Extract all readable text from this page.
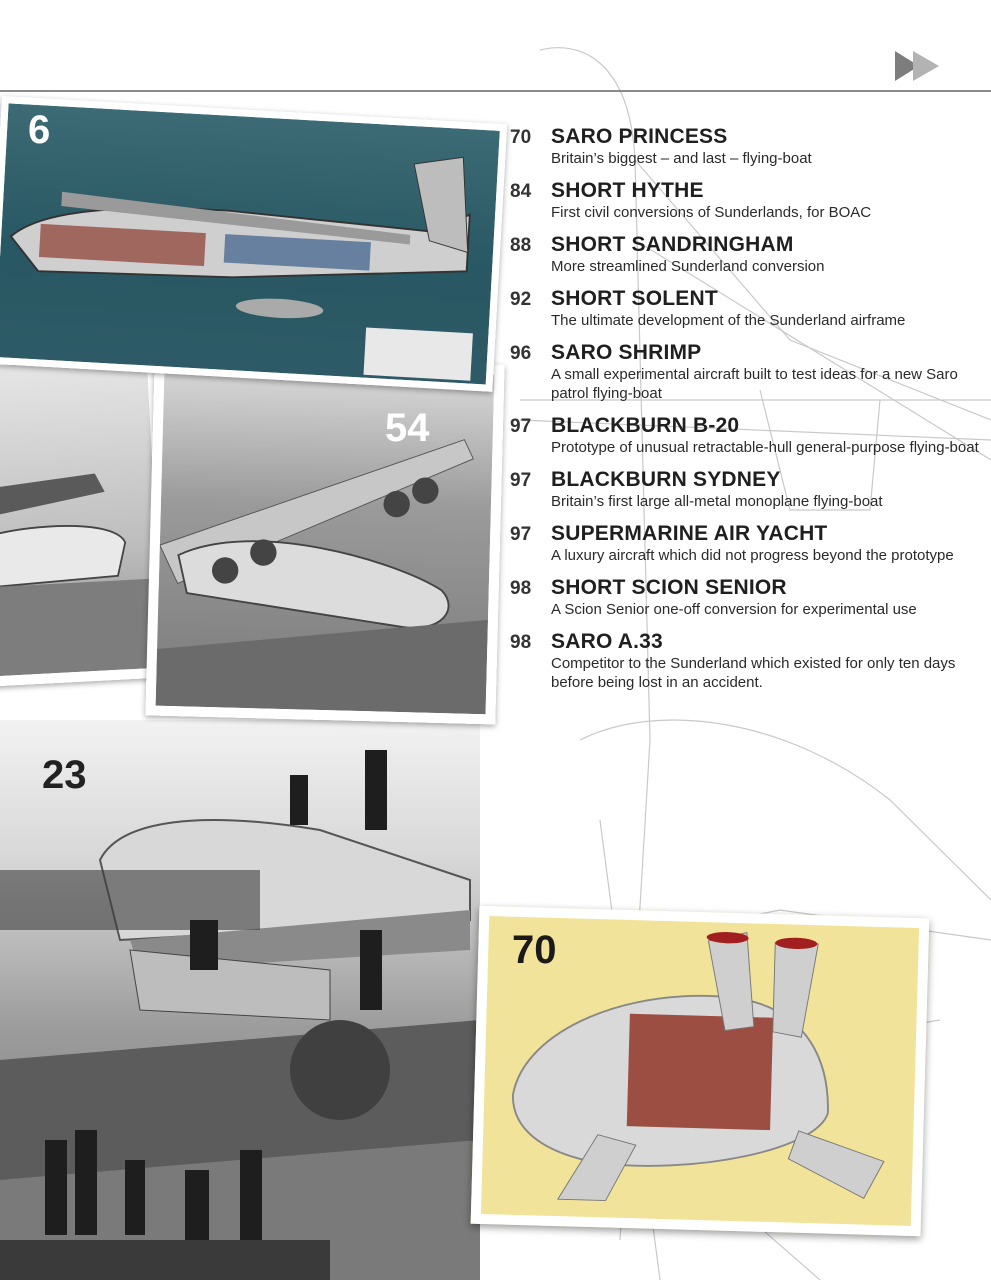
6
54
23
70
70 SARO PRINCESS
Britain’s biggest – and last – flying-boat
84 SHORT HYTHE
First civil conversions of Sunderlands, for BOAC
88 SHORT SANDRINGHAM
More streamlined Sunderland conversion
92 SHORT SOLENT
The ultimate development of the Sunderland airframe
96 SARO SHRIMP
A small experimental aircraft built to test ideas for a new Saro patrol flying-boat
97 BLACKBURN B-20
Prototype of unusual retractable-hull general-purpose flying-boat
97 BLACKBURN SYDNEY
Britain’s first large all-metal monoplane flying-boat
97 SUPERMARINE AIR YACHT
A luxury aircraft which did not progress beyond the prototype
98 SHORT SCION SENIOR
A Scion Senior one-off conversion for experimental use
98 SARO A.33
Competitor to the Sunderland which existed for only ten days before being lost in an accident.
